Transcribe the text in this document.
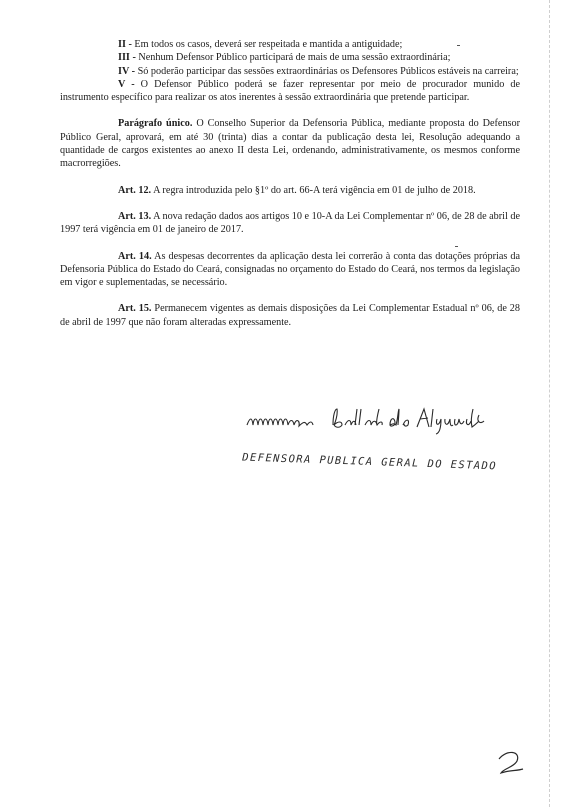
II - Em todos os casos, deverá ser respeitada e mantida a antiguidade;

III - Nenhum Defensor Público participará de mais de uma sessão extraordinária;

IV - Só poderão participar das sessões extraordinárias os Defensores Públicos estáveis na carreira;

V - O Defensor Público poderá se fazer representar por meio de procurador munido de instrumento específico para realizar os atos inerentes à sessão extraordinária que pretende participar.

Parágrafo único. O Conselho Superior da Defensoria Pública, mediante proposta do Defensor Público Geral, aprovará, em até 30 (trinta) dias a contar da publicação desta lei, Resolução adequando a quantidade de cargos existentes ao anexo II desta Lei, ordenando, administrativamente, os mesmos conforme macrorregiões.

Art. 12. A regra introduzida pelo §1º do art. 66-A terá vigência em 01 de julho de 2018.

Art. 13. A nova redação dados aos artigos 10 e 10-A da Lei Complementar nº 06, de 28 de abril de 1997 terá vigência em 01 de janeiro de 2017.

Art. 14. As despesas decorrentes da aplicação desta lei correrão à conta das dotações próprias da Defensoria Pública do Estado do Ceará, consignadas no orçamento do Estado do Ceará, nos termos da legislação em vigor e suplementadas, se necessário.

Art. 15. Permanecem vigentes as demais disposições da Lei Complementar Estadual nº 06, de 28 de abril de 1997 que não foram alteradas expressamente.

DEFENSORA PUBLICA GERAL DO ESTADO
